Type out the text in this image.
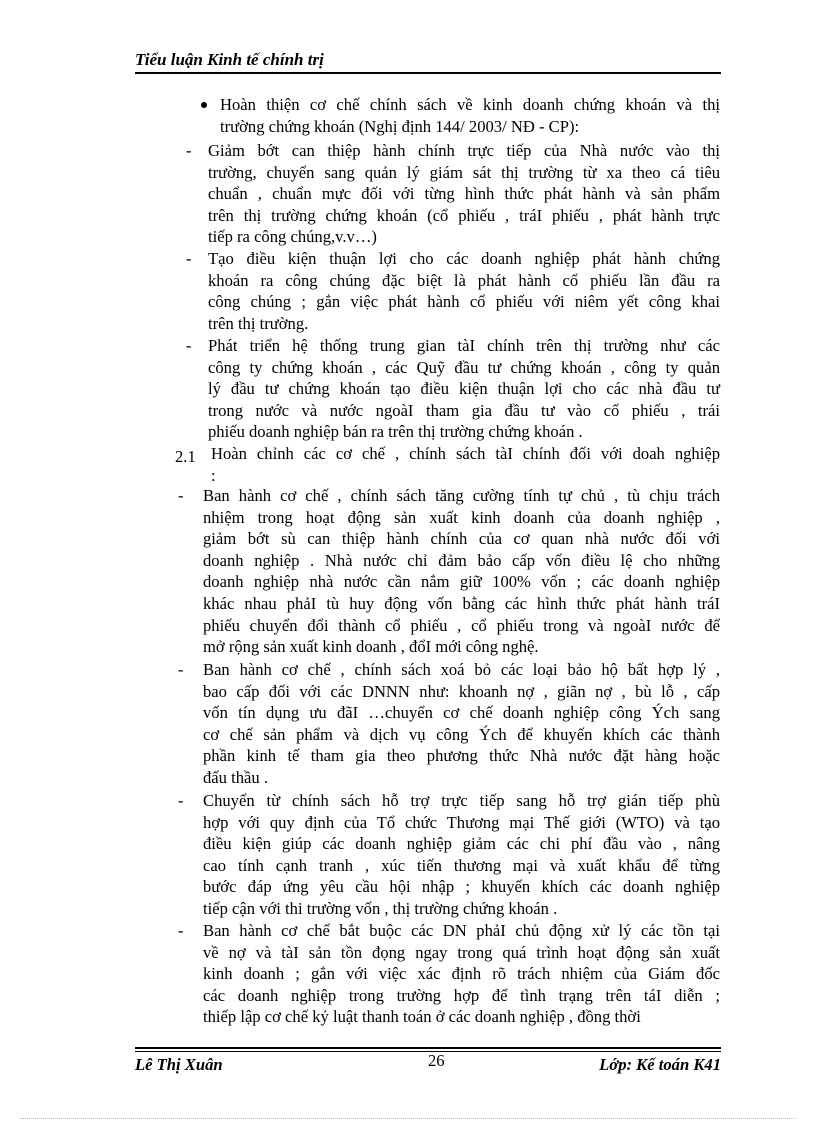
Tiểu luận Kinh tế chính trị
Hoàn thiện cơ chế chính sách về kinh doanh chứng khoán và thị
trường chứng khoán (Nghị định 144/ 2003/ NĐ - CP):
- Giảm bớt can thiệp hành chính trực tiếp của Nhà nước vào thị
trường, chuyển sang quản lý giám sát thị trường từ xa theo cá tiêu
chuẩn , chuẩn mực đối với từng hình thức phát hành và sản phẩm
trên thị trường chứng khoán (cổ phiếu , tráI phiếu , phát hành trực
tiếp ra công chúng,v.v…)
- Tạo điều kiện thuận lợi cho các doanh nghiệp phát hành chứng
khoán ra công chúng đặc biệt là phát hành cổ phiếu lần đầu ra
công chúng ; gắn việc phát hành cổ phiếu với niêm yết công khai
trên thị trường.
- Phát triển hệ thống trung gian tàI chính trên thị trường như các
công ty chứng khoán , các Quỹ đầu tư chứng khoán , công ty quản
lý đầu tư chứng khoán tạo điều kiện thuận lợi cho các nhà đầu tư
trong nước và nước ngoàI tham gia đầu tư vào cổ phiếu , trái
phiếu doanh nghiệp bán ra trên thị trường chứng khoán .
2.1 Hoàn chỉnh các cơ chế , chính sách tàI chính đối với doah nghiệp
:
- Ban hành cơ chế , chính sách tăng cường tính tự chủ , tù chịu trách
nhiệm trong hoạt động sản xuất kinh doanh của doanh nghiệp ,
giảm bớt sù can thiệp hành chính của cơ quan nhà nước đối với
doanh nghiệp . Nhà nước chỉ đảm bảo cấp vốn điều lệ cho những
doanh nghiệp nhà nước cần nắm giữ 100% vốn ; các doanh nghiệp
khác nhau phảI tù huy động vốn bằng các hình thức phát hành tráI
phiếu chuyển đổi thành cổ phiếu , cổ phiếu trong và ngoàI nước để
mở rộng sản xuất kinh doanh , đổI mới công nghệ.
- Ban hành cơ chế , chính sách xoá bỏ các loại bảo hộ bất hợp lý ,
bao cấp đối với các DNNN như: khoanh nợ , giãn nợ , bù lỗ , cấp
vốn tín dụng ưu đãI …chuyển cơ chế doanh nghiệp công Ých sang
cơ chế sản phẩm và dịch vụ công Ých để khuyến khích các thành
phần kinh tế tham gia theo phương thức Nhà nước đặt hàng hoặc
đấu thầu .
- Chuyển từ chính sách hỗ trợ trực tiếp sang hỗ trợ gián tiếp phù
hợp với quy định của Tổ chức Thương mại Thế giới (WTO) và tạo
điều kiện giúp các doanh nghiệp giảm các chi phí đầu vào , nâng
cao tính cạnh tranh , xúc tiến thương mại và xuất khẩu để từng
bước đáp ứng yêu cầu hội nhập ; khuyến khích các doanh nghiệp
tiếp cận với thi trường vốn , thị trường chứng khoán .
- Ban hành cơ chế bắt buộc các DN phảI chủ động xử lý các tồn tại
về nợ và tàI sản tồn đọng ngay trong quá trình hoạt động sản xuất
kinh doanh ; gắn với việc xác định rõ trách nhiệm của Giám đốc
các doanh nghiệp trong trường hợp để tình trạng trên táI diễn ;
thiếp lập cơ chế kỷ luật thanh toán ở các doanh nghiệp , đồng thời
Lê Thị Xuân	26	Lớp: Kế toán K41
